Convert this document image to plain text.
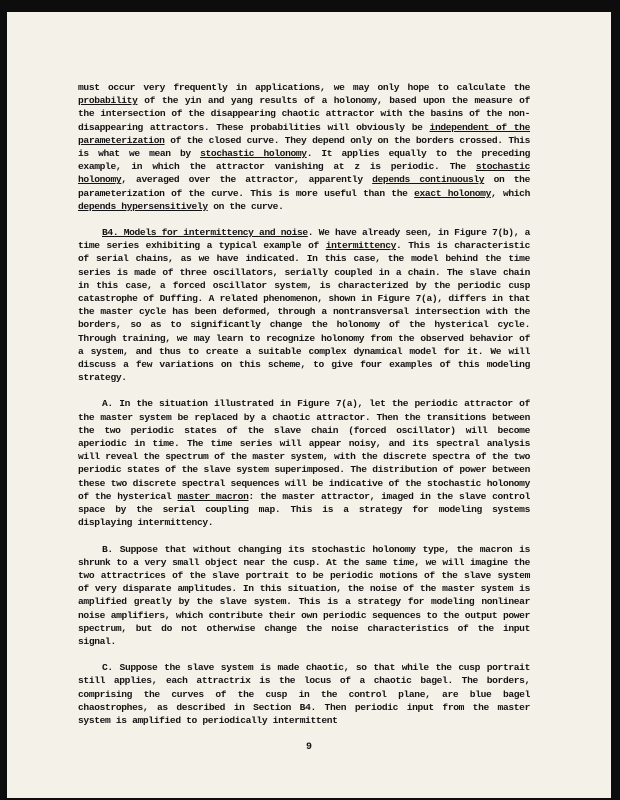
must occur very frequently in applications, we may only hope to calculate the probability of the yin and yang results of a holonomy, based upon the measure of the intersection of the disappearing chaotic attractor with the basins of the non-disappearing attractors. These probabilities will obviously be independent of the parameterization of the closed curve. They depend only on the borders crossed. This is what we mean by stochastic holonomy. It applies equally to the preceding example, in which the attractor vanishing at z is periodic. The stochastic holonomy, averaged over the attractor, apparently depends continuously on the parameterization of the curve. This is more useful than the exact holonomy, which depends hypersensitively on the curve.

B4. Models for intermittency and noise. We have already seen, in Figure 7(b), a time series exhibiting a typical example of intermittency. This is characteristic of serial chains, as we have indicated. In this case, the model behind the time series is made of three oscillators, serially coupled in a chain. The slave chain in this case, a forced oscillator system, is characterized by the periodic cusp catastrophe of Duffing. A related phenomenon, shown in Figure 7(a), differs in that the master cycle has been deformed, through a nontransversal intersection with the borders, so as to significantly change the holonomy of the hysterical cycle. Through training, we may learn to recognize holonomy from the observed behavior of a system, and thus to create a suitable complex dynamical model for it. We will discuss a few variations on this scheme, to give four examples of this modeling strategy.

A. In the situation illustrated in Figure 7(a), let the periodic attractor of the master system be replaced by a chaotic attractor. Then the transitions between the two periodic states of the slave chain (forced oscillator) will become aperiodic in time. The time series will appear noisy, and its spectral analysis will reveal the spectrum of the master system, with the discrete spectra of the two periodic states of the slave system superimposed. The distribution of power between these two discrete spectral sequences will be indicative of the stochastic holonomy of the hysterical master macron: the master attractor, imaged in the slave control space by the serial coupling map. This is a strategy for modeling systems displaying intermittency.

B. Suppose that without changing its stochastic holonomy type, the macron is shrunk to a very small object near the cusp. At the same time, we will imagine the two attractrices of the slave portrait to be periodic motions of the slave system of very disparate amplitudes. In this situation, the noise of the master system is amplified greatly by the slave system. This is a strategy for modeling nonlinear noise amplifiers, which contribute their own periodic sequences to the output power spectrum, but do not otherwise change the noise characteristics of the input signal.

C. Suppose the slave system is made chaotic, so that while the cusp portrait still applies, each attractrix is the locus of a chaotic bagel. The borders, comprising the curves of the cusp in the control plane, are blue bagel chaostrophes, as described in Section B4. Then periodic input from the master system is amplified to periodically intermittent

9
